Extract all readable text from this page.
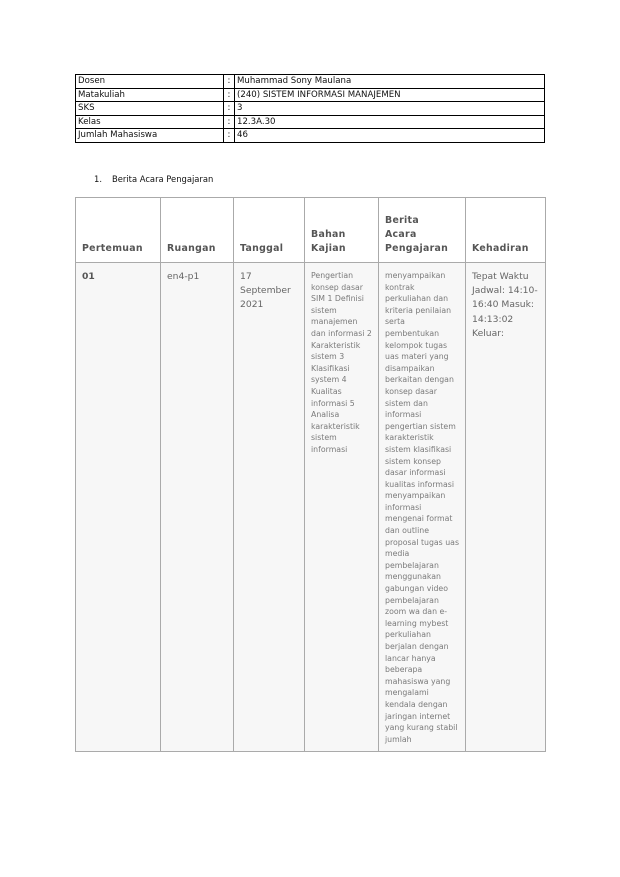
Dosen	:	Muhammad Sony Maulana
Matakuliah	:	(240) SISTEM INFORMASI MANAJEMEN
SKS	:	3
Kelas	:	12.3A.30
Jumlah Mahasiswa	:	46
1. Berita Acara Pengajaran
Pertemuan	Ruangan	Tanggal	Bahan Kajian	Berita Acara Pengajaran	Kehadiran
01	en4-p1	17 September 2021	Pengertian konsep dasar SIM 1 Definisi sistem manajemen dan informasi 2 Karakteristik sistem 3 Klasifikasi system 4 Kualitas informasi 5 Analisa karakteristik sistem informasi	menyampaikan kontrak perkuliahan dan kriteria penilaian serta pembentukan kelompok tugas uas materi yang disampaikan berkaitan dengan konsep dasar sistem dan informasi pengertian sistem karakteristik sistem klasifikasi sistem konsep dasar informasi kualitas informasi menyampaikan informasi mengenai format dan outline proposal tugas uas media pembelajaran menggunakan gabungan video pembelajaran zoom wa dan e-learning mybest perkuliahan berjalan dengan lancar hanya beberapa mahasiswa yang mengalami kendala dengan jaringan internet yang kurang stabil jumlah	Tepat Waktu Jadwal: 14:10-16:40 Masuk: 14:13:02 Keluar:
